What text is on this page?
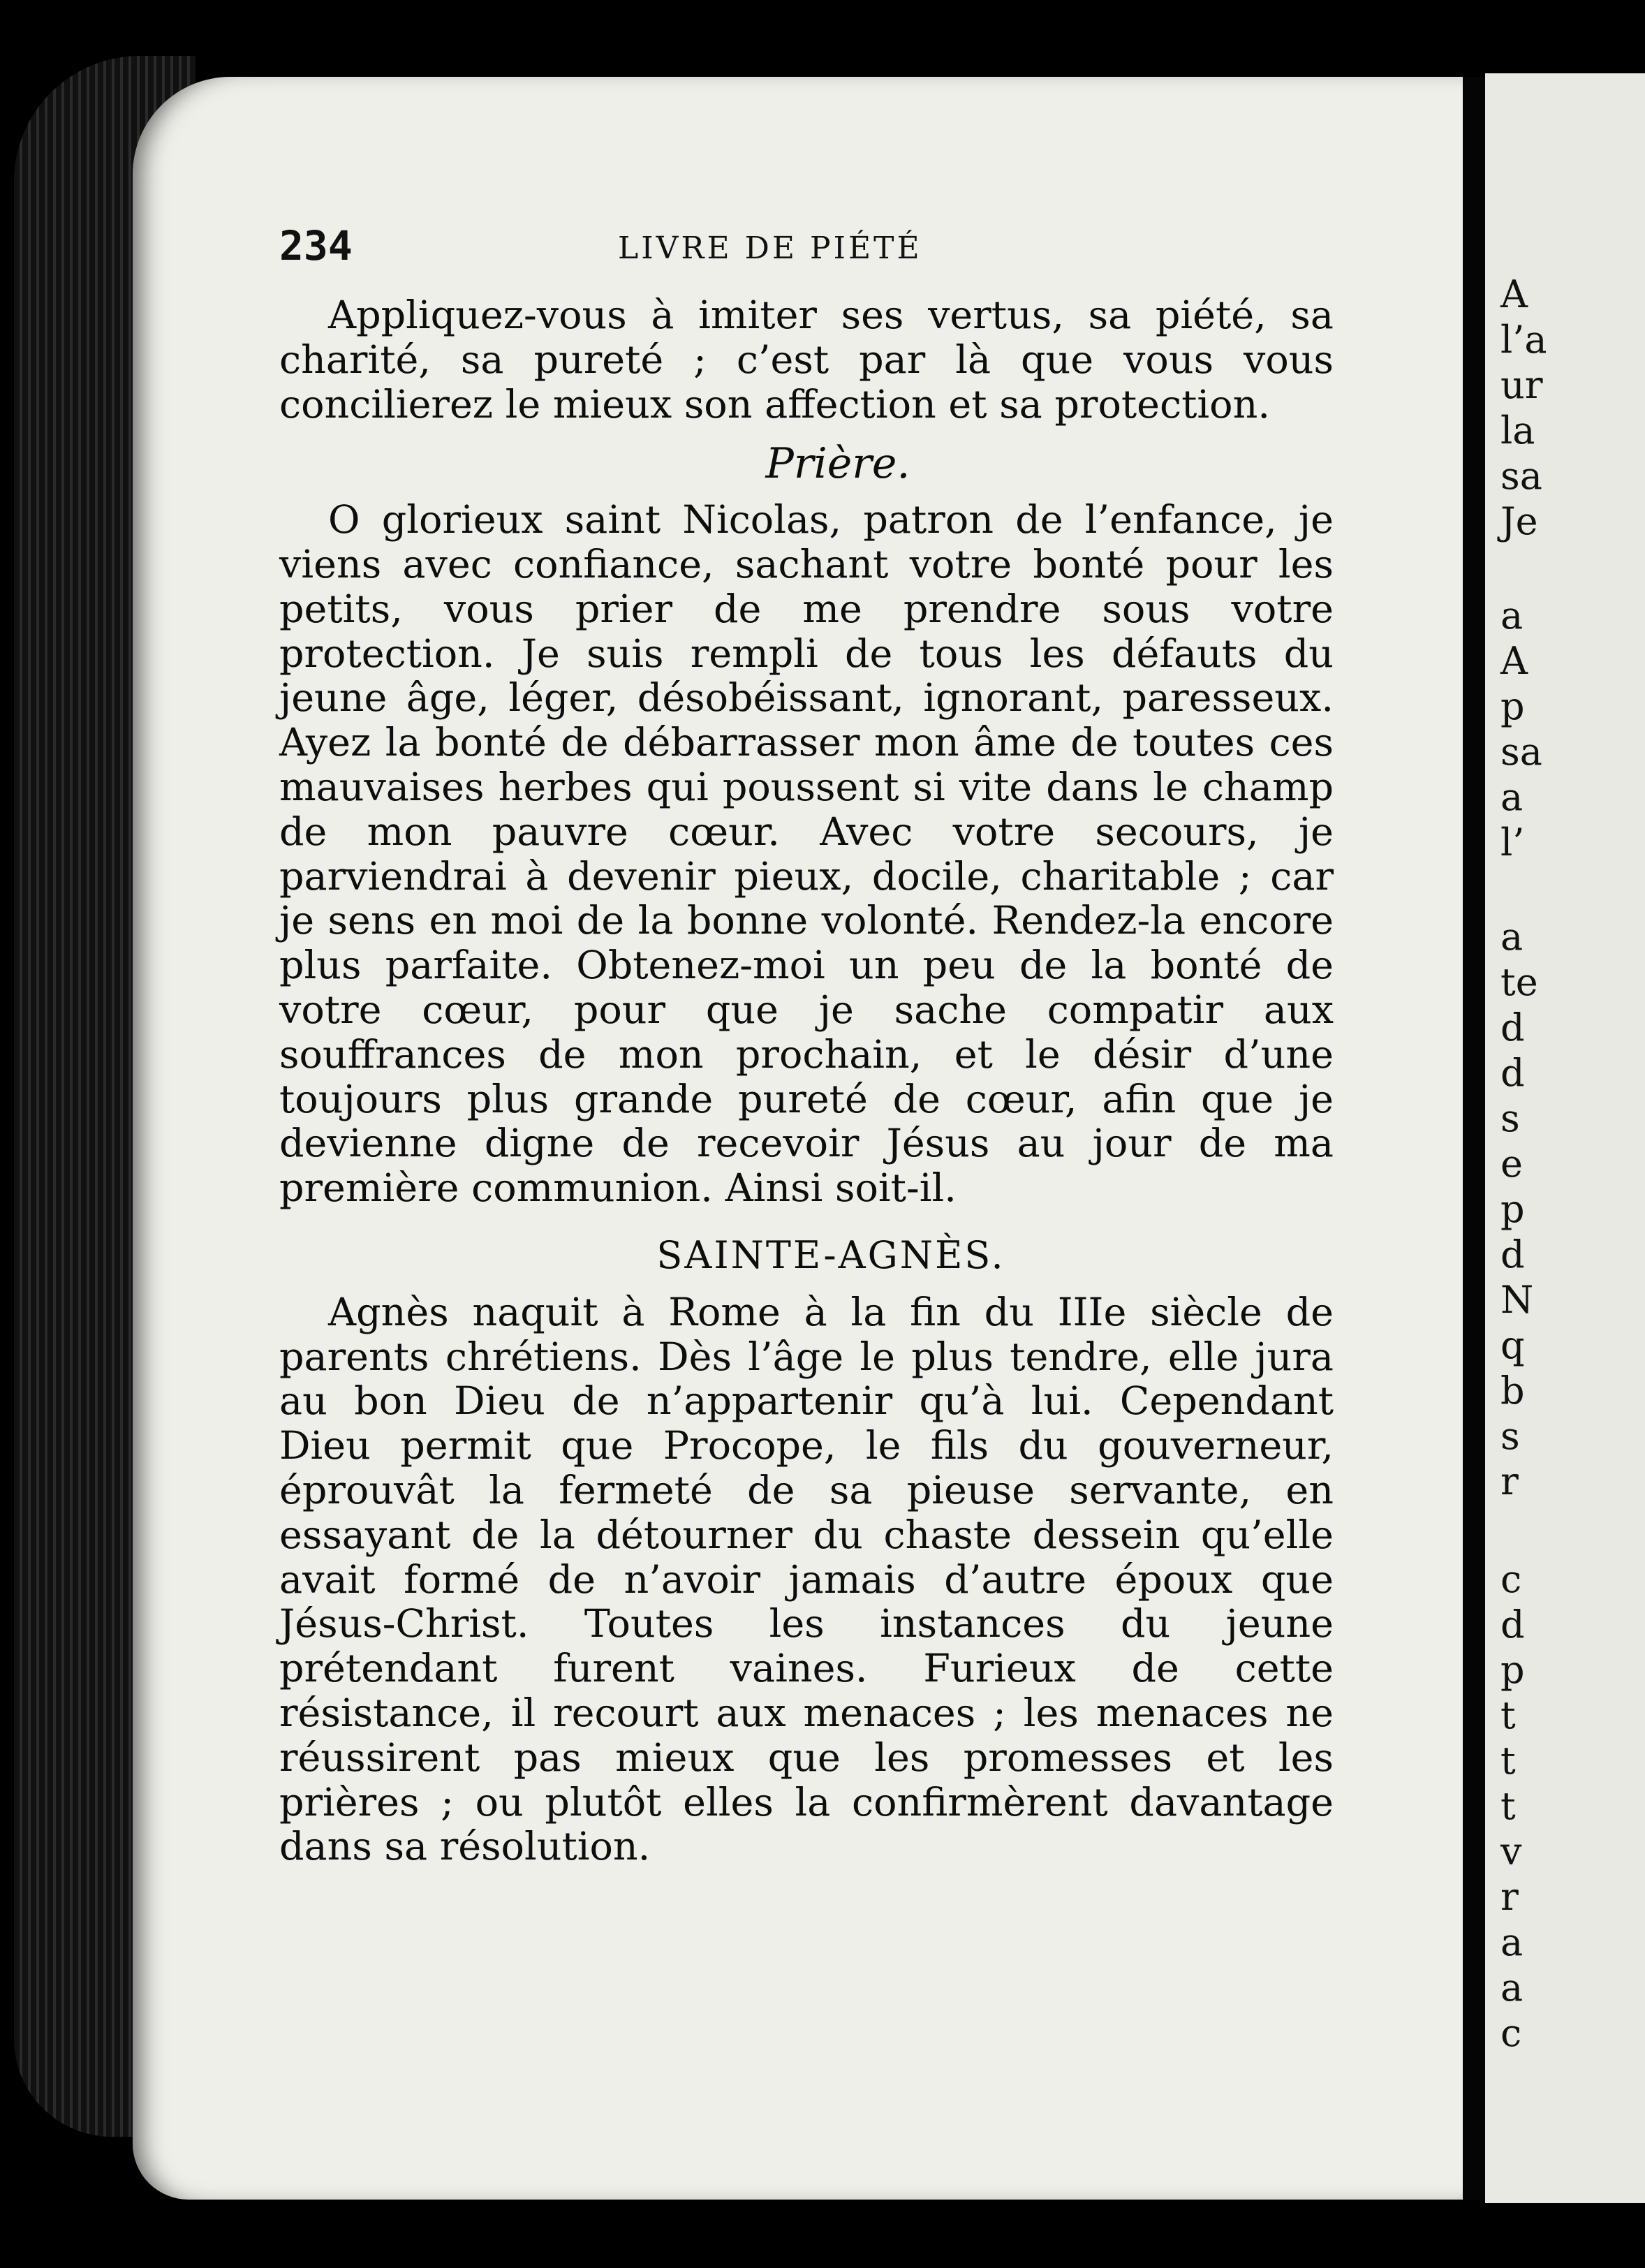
A
l’a
ur
la
sa
Je
a
A
p
sa
a
l’
a
te
d
d
s
e
p
d
N
q
b
s
r
c
d
p
t
t
t
v
r
a
a
c
234	LIVRE DE PIÉTÉ

Appliquez-vous à imiter ses vertus, sa piété, sa charité, sa pureté ; c’est par là que vous vous concilierez le mieux son affection et sa protection.

Prière.

O glorieux saint Nicolas, patron de l’enfance, je viens avec confiance, sachant votre bonté pour les petits, vous prier de me prendre sous votre protection. Je suis rempli de tous les défauts du jeune âge, léger, désobéissant, ignorant, paresseux. Ayez la bonté de débarrasser mon âme de toutes ces mauvaises herbes qui poussent si vite dans le champ de mon pauvre cœur. Avec votre secours, je parviendrai à devenir pieux, docile, charitable ; car je sens en moi de la bonne volonté. Rendez-la encore plus parfaite. Obtenez-moi un peu de la bonté de votre cœur, pour que je sache compatir aux souffrances de mon prochain, et le désir d’une toujours plus grande pureté de cœur, afin que je devienne digne de recevoir Jésus au jour de ma première communion. Ainsi soit-il.

SAINTE-AGNÈS.

Agnès naquit à Rome à la fin du IIIe siècle de parents chrétiens. Dès l’âge le plus tendre, elle jura au bon Dieu de n’appartenir qu’à lui. Cependant Dieu permit que Procope, le fils du gouverneur, éprouvât la fermeté de sa pieuse servante, en essayant de la détourner du chaste dessein qu’elle avait formé de n’avoir jamais d’autre époux que Jésus-Christ. Toutes les instances du jeune prétendant furent vaines. Furieux de cette résistance, il recourt aux menaces ; les menaces ne réussirent pas mieux que les promesses et les prières ; ou plutôt elles la confirmèrent davantage dans sa résolution.
